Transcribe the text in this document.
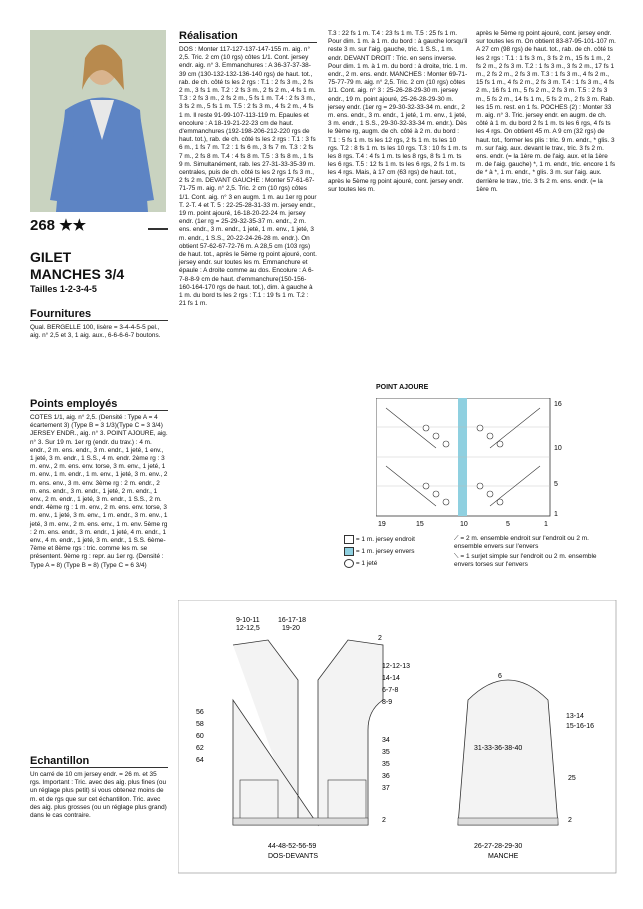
268 ★★
GILET
MANCHES 3/4
Tailles 1-2-3-4-5
Fournitures
Qual. BERGELLE 100, lisère = 3-4-4-5-5 pel., aig. n° 2,5 et 3, 1 aig. aux., 6-6-6-6-7 boutons.
Points employés
COTES 1/1, aig. n° 2,5. (Densité : Type A = 4 écartement 3) (Type B = 3 1/3)(Type C = 3 3/4) JERSEY ENDR., aig. n° 3. POINT AJOURE, aig. n° 3. Sur 19 m. 1er rg (endr. du trav.) : 4 m. endr., 2 m. ens. endr., 3 m. endr., 1 jeté, 1 env., 1 jeté, 3 m. endr., 1 S.S., 4 m. endr. 2ème rg : 3 m. env., 2 m. ens. env. torse, 3 m. env., 1 jeté, 1 m. env., 1 m. endr., 1 m. env., 1 jeté, 3 m. env., 2 m. ens. env., 3 m. env. 3ème rg : 2 m. endr., 2 m. ens. endr., 3 m. endr., 1 jeté, 2 m. endr., 1 env., 2 m. endr., 1 jeté, 3 m. endr., 1 S.S., 2 m. endr. 4ème rg : 1 m. env., 2 m. ens. env. torse, 3 m. env., 1 jeté, 3 m. env., 1 m. endr., 3 m. env., 1 jeté, 3 m. env., 2 m. ens. env., 1 m. env. 5ème rg : 2 m. ens. endr., 3 m. endr., 1 jeté, 4 m. endr., 1 env., 4 m. endr., 1 jeté, 3 m. endr., 1 S.S. 6ème-7ème et 8ème rgs : tric. comme les m. se présentent. 9ème rg : repr. au 1er rg. (Densité : Type A = 8) (Type B = 8) (Type C = 6 3/4)
Echantillon
Un carré de 10 cm jersey endr. = 26 m. et 35 rgs. Important : Tric. avec des aig. plus fines (ou un réglage plus petit) si vous obtenez moins de m. et de rgs que sur cet échantillon. Tric. avec des aig. plus grosses (ou un réglage plus grand) dans le cas contraire.
Réalisation
DOS : Monter 117-127-137-147-155 m. aig. n° 2,5. Tric. 2 cm (10 rgs) côtes 1/1. Cont. jersey endr. aig. n° 3. Emmanchures : A 36-37-37-38-39 cm (130-132-132-136-140 rgs) de haut. tot., rab. de ch. côté ts les 2 rgs : T.1 : 2 fs 3 m., 2 fs 2 m., 3 fs 1 m. T.2 : 2 fs 3 m., 2 fs 2 m., 4 fs 1 m. T.3 : 2 fs 3 m., 2 fs 2 m., 5 fs 1 m. T.4 : 2 fs 3 m., 3 fs 2 m., 5 fs 1 m. T.5 : 2 fs 3 m., 4 fs 2 m., 4 fs 1 m. Il reste 91-99-107-113-119 m. Epaules et encolure : A 18-19-21-22-23 cm de haut. d'emmanchures (192-198-206-212-220 rgs de haut. tot.), rab. de ch. côté ts les 2 rgs : T.1 : 3 fs 6 m., 1 fs 7 m. T.2 : 1 fs 6 m., 3 fs 7 m. T.3 : 2 fs 7 m., 2 fs 8 m. T.4 : 4 fs 8 m. T.5 : 3 fs 8 m., 1 fs 9 m. Simultanément, rab. les 27-31-33-35-39 m. centrales, puis de ch. côté ts les 2 rgs 1 fs 3 m., 2 fs 2 m. DEVANT GAUCHE : Monter 57-61-67-71-75 m. aig. n° 2,5. Tric. 2 cm (10 rgs) côtes 1/1. Cont. aig. n° 3 en augm. 1 m. au 1er rg pour T. 2-T. 4 et T. 5 : 22-25-28-31-33 m. jersey endr., 19 m. point ajouré, 16-18-20-22-24 m. jersey endr. (1er rg = 25-29-32-35-37 m. endr., 2 m. ens. endr., 3 m. endr., 1 jeté, 1 m. env., 1 jeté, 3 m. endr., 1 S.S., 20-22-24-26-28 m. endr.). On obtient 57-62-67-72-76 m. A 28,5 cm (103 rgs) de haut. tot., après le 5ème rg point ajouré, cont. jersey endr. sur toutes les m. Emmanchure et épaule : A droite comme au dos. Encolure : A 6-7-8-8-9 cm de haut. d'emmanchure(150-156-160-164-170 rgs de haut. tot.), dim. à gauche à 1 m. du bord ts les 2 rgs : T.1 : 19 fs 1 m. T.2 : 21 fs 1 m.
T.3 : 22 fs 1 m. T.4 : 23 fs 1 m. T.5 : 25 fs 1 m. Pour dim. 1 m. à 1 m. du bord : à gauche lorsqu'il reste 3 m. sur l'aig. gauche, tric. 1 S.S., 1 m. endr. DEVANT DROIT : Tric. en sens inverse. Pour dim. 1 m. à 1 m. du bord : à droite, tric. 1 m. endr., 2 m. ens. endr. MANCHES : Monter 69-71-75-77-79 m. aig. n° 2,5. Tric. 2 cm (10 rgs) côtes 1/1. Cont. aig. n° 3 : 25-26-28-29-30 m. jersey endr., 19 m. point ajouré, 25-26-28-29-30 m. jersey endr. (1er rg = 29-30-32-33-34 m. endr., 2 m. ens. endr., 3 m. endr., 1 jeté, 1 m. env., 1 jeté, 3 m. endr., 1 S.S., 29-30-32-33-34 m. endr.). Dès le 9ème rg, augm. de ch. côté à 2 m. du bord : T.1 : 5 fs 1 m. ts les 12 rgs, 2 fs 1 m. ts les 10 rgs. T.2 : 8 fs 1 m. ts les 10 rgs. T.3 : 10 fs 1 m. ts les 8 rgs. T.4 : 4 fs 1 m. ts les 8 rgs, 8 fs 1 m. ts les 6 rgs. T.5 : 12 fs 1 m. ts les 6 rgs, 2 fs 1 m. ts les 4 rgs. Mais, à 17 cm (63 rgs) de haut. tot., après le 5ème rg point ajouré, cont. jersey endr. sur toutes les m.
après le 5ème rg point ajouré, cont. jersey endr. sur toutes les m. On obtient 83-87-95-101-107 m. A 27 cm (98 rgs) de haut. tot., rab. de ch. côté ts les 2 rgs : T.1 : 1 fs 3 m., 3 fs 2 m., 15 fs 1 m., 2 fs 2 m., 2 fs 3 m. T.2 : 1 fs 3 m., 3 fs 2 m., 17 fs 1 m., 2 fs 2 m., 2 fs 3 m. T.3 : 1 fs 3 m., 4 fs 2 m., 15 fs 1 m., 4 fs 2 m., 2 fs 3 m. T.4 : 1 fs 3 m., 4 fs 2 m., 16 fs 1 m., 5 fs 2 m., 2 fs 3 m. T.5 : 2 fs 3 m., 5 fs 2 m., 14 fs 1 m., 5 fs 2 m., 2 fs 3 m. Rab. les 15 m. rest. en 1 fs. POCHES (2) : Monter 33 m. aig. n° 3. Tric. jersey endr. en augm. de ch. côté à 1 m. du bord 2 fs 1 m. ts les 6 rgs, 4 fs ts les 4 rgs. On obtient 45 m. A 9 cm (32 rgs) de haut. tot., former les plis : tric. 9 m. endr., * glis. 3 m. sur l'aig. aux. devant le trav., tric. 3 fs 2 m. ens. endr. (= la 1ère m. de l'aig. aux. et la 1ère m. de l'aig. gauche) *, 1 m. endr., tric. encore 1 fs de * à *, 1 m. endr., * glis. 3 m. sur l'aig. aux. derrière le trav., tric. 3 fs 2 m. ens. endr. (= la 1ère m.
POINT AJOURE
16
10
5
1
19	15	10	5	1
= 1 m. jersey endroit
= 1 m. jersey envers
= 1 jeté
⟋ = 2 m. ensemble endroit sur l'endroit ou 2 m. ensemble envers sur l'envers
⟍ = 1 surjet simple sur l'endroit ou 2 m. ensemble envers torses sur l'envers
9-10-11
12-12,5
16-17-18
19-20
2
12-12-13
14-14
6-7-8
8-9
34
35
35
36
37
2
56
58
60
62
64
44-48-52-56-59
DOS-DEVANTS
6
31-33-36-38-40
13-14
15-16-16
25
2
26-27-28-29-30
MANCHE
